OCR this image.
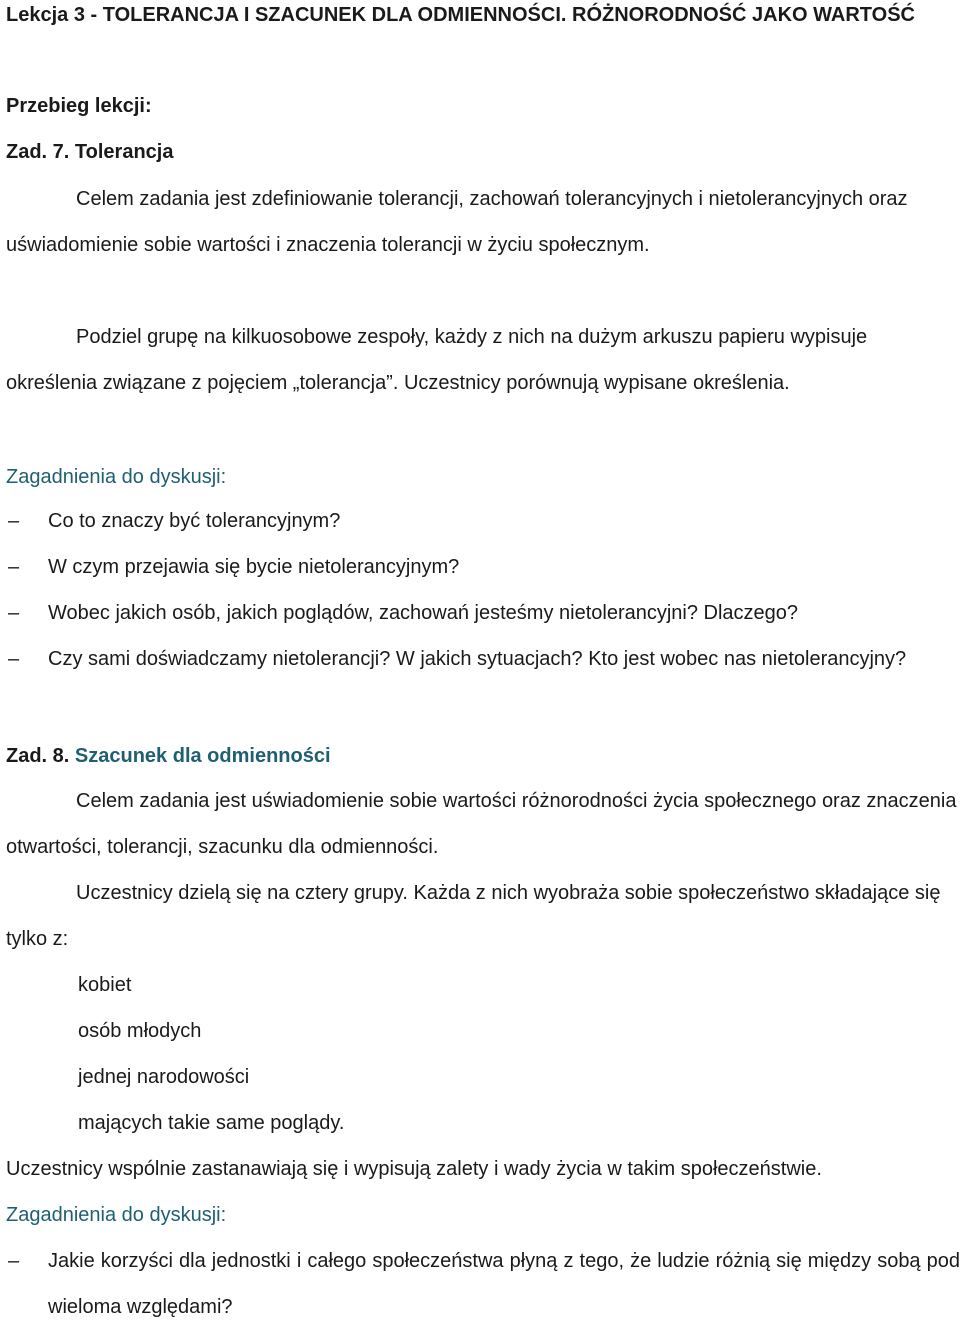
Lekcja 3 - TOLERANCJA I SZACUNEK DLA ODMIENNOŚCI. RÓŻNORODNOŚĆ JAKO WARTOŚĆ

Przebieg lekcji:

Zad. 7. Tolerancja

Celem zadania jest zdefiniowanie tolerancji, zachowań tolerancyjnych i nietolerancyjnych oraz uświadomienie sobie wartości i znaczenia tolerancji w życiu społecznym.

Podziel grupę na kilkuosobowe zespoły, każdy z nich na dużym arkuszu papieru wypisuje określenia związane z pojęciem „tolerancja”. Uczestnicy porównują wypisane określenia.

Zagadnienia do dyskusji:

–	Co to znaczy być tolerancyjnym?
–	W czym przejawia się bycie nietolerancyjnym?
–	Wobec jakich osób, jakich poglądów, zachowań jesteśmy nietolerancyjni? Dlaczego?
–	Czy sami doświadczamy nietolerancji? W jakich sytuacjach? Kto jest wobec nas nietolerancyjny?

Zad. 8. Szacunek dla odmienności

Celem zadania jest uświadomienie sobie wartości różnorodności życia społecznego oraz znaczenia otwartości, tolerancji, szacunku dla odmienności.

Uczestnicy dzielą się na cztery grupy. Każda z nich wyobraża sobie społeczeństwo składające się tylko z:

kobiet
osób młodych
jednej narodowości
mających takie same poglądy.

Uczestnicy wspólnie zastanawiają się i wypisują zalety i wady życia w takim społeczeństwie.

Zagadnienia do dyskusji:

–	Jakie korzyści dla jednostki i całego społeczeństwa płyną z tego, że ludzie różnią się między sobą pod wieloma względami?
